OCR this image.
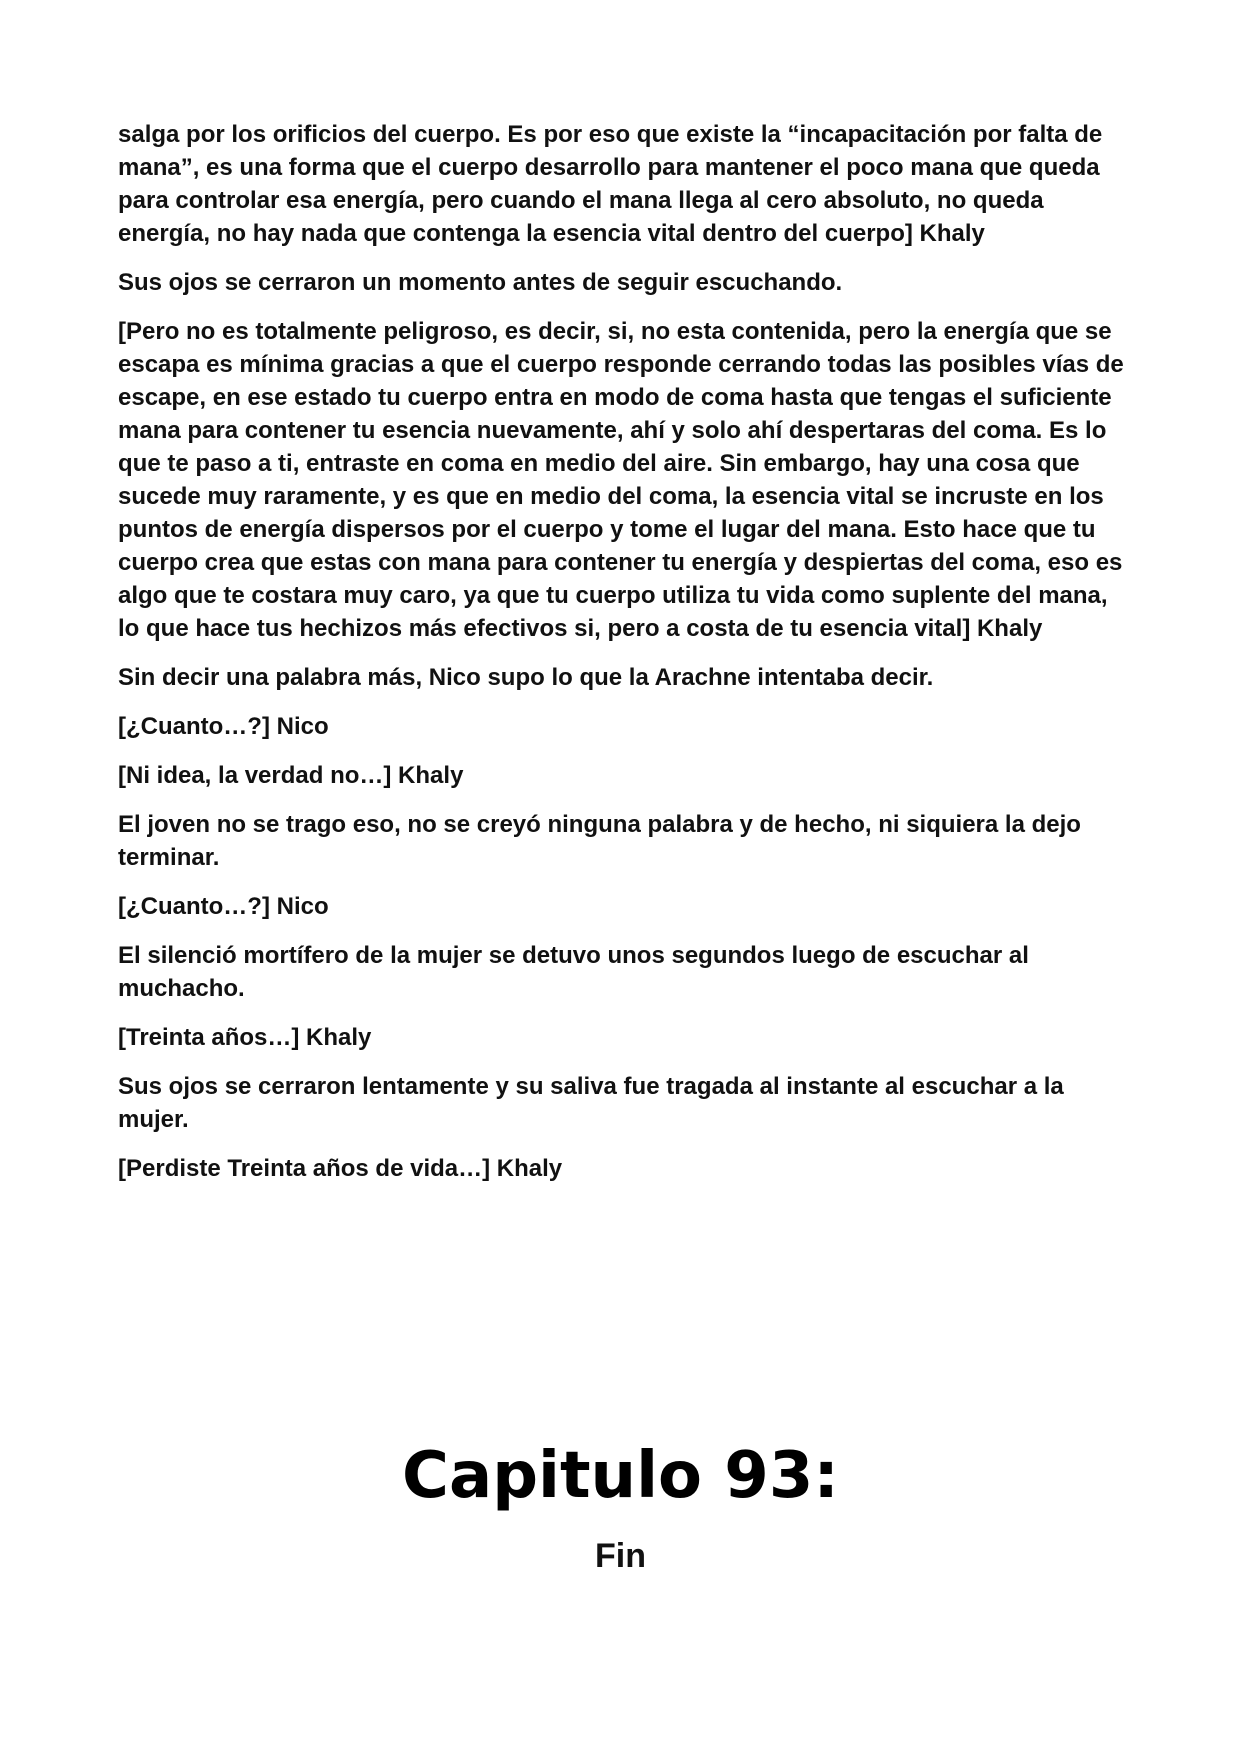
salga por los orificios del cuerpo. Es por eso que existe la “incapacitación por falta de mana”, es una forma que el cuerpo desarrollo para mantener el poco mana que queda para controlar esa energía, pero cuando el mana llega al cero absoluto, no queda energía, no hay nada que contenga la esencia vital dentro del cuerpo] Khaly

Sus ojos se cerraron un momento antes de seguir escuchando.

[Pero no es totalmente peligroso, es decir, si, no esta contenida, pero la energía que se escapa es mínima gracias a que el cuerpo responde cerrando todas las posibles vías de escape, en ese estado tu cuerpo entra en modo de coma hasta que tengas el suficiente mana para contener tu esencia nuevamente, ahí y solo ahí despertaras del coma. Es lo que te paso a ti, entraste en coma en medio del aire. Sin embargo, hay una cosa que sucede muy raramente, y es que en medio del coma, la esencia vital se incruste en los puntos de energía dispersos por el cuerpo y tome el lugar del mana. Esto hace que tu cuerpo crea que estas con mana para contener tu energía y despiertas del coma, eso es algo que te costara muy caro, ya que tu cuerpo utiliza tu vida como suplente del mana, lo que hace tus hechizos más efectivos si, pero a costa de tu esencia vital] Khaly

Sin decir una palabra más, Nico supo lo que la Arachne intentaba decir.

[¿Cuanto…?] Nico

[Ni idea, la verdad no…] Khaly

El joven no se trago eso, no se creyó ninguna palabra y de hecho, ni siquiera la dejo terminar.

[¿Cuanto…?] Nico

El silenció mortífero de la mujer se detuvo unos segundos luego de escuchar al muchacho.

[Treinta años…] Khaly

Sus ojos se cerraron lentamente y su saliva fue tragada al instante al escuchar a la mujer.

[Perdiste Treinta años de vida…] Khaly

Capitulo 93:
Fin
